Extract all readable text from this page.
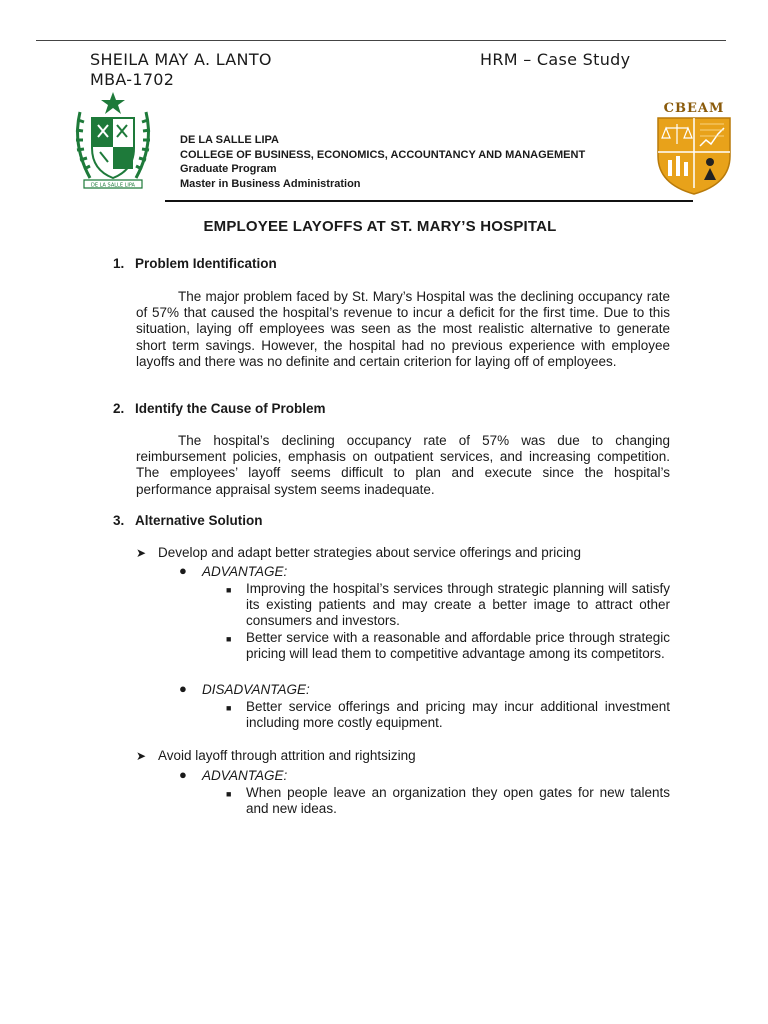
SHEILA MAY A. LANTO
MBA-1702
HRM – Case Study
DE LA SALLE LIPA
CBEAM
DE LA SALLE LIPA
COLLEGE OF BUSINESS, ECONOMICS, ACCOUNTANCY AND MANAGEMENT
Graduate Program
Master in Business Administration
EMPLOYEE LAYOFFS AT ST. MARY’S HOSPITAL
1. Problem Identification
The major problem faced by St. Mary’s Hospital was the declining occupancy rate of 57% that caused the hospital’s revenue to incur a deficit for the first time. Due to this situation, laying off employees was seen as the most realistic alternative to generate short term savings. However, the hospital had no previous experience with employee layoffs and there was no definite and certain criterion for laying off of employees.
2. Identify the Cause of Problem
The hospital’s declining occupancy rate of 57% was due to changing reimbursement policies, emphasis on outpatient services, and increasing competition. The employees’ layoff seems difficult to plan and execute since the hospital’s performance appraisal system seems inadequate.
3. Alternative Solution
➤ Develop and adapt better strategies about service offerings and pricing
● ADVANTAGE:
■ Improving the hospital’s services through strategic planning will satisfy its existing patients and may create a better image to attract other consumers and investors.
■ Better service with a reasonable and affordable price through strategic pricing will lead them to competitive advantage among its competitors.
● DISADVANTAGE:
■ Better service offerings and pricing may incur additional investment including more costly equipment.
➤ Avoid layoff through attrition and rightsizing
● ADVANTAGE:
■ When people leave an organization they open gates for new talents and new ideas.
